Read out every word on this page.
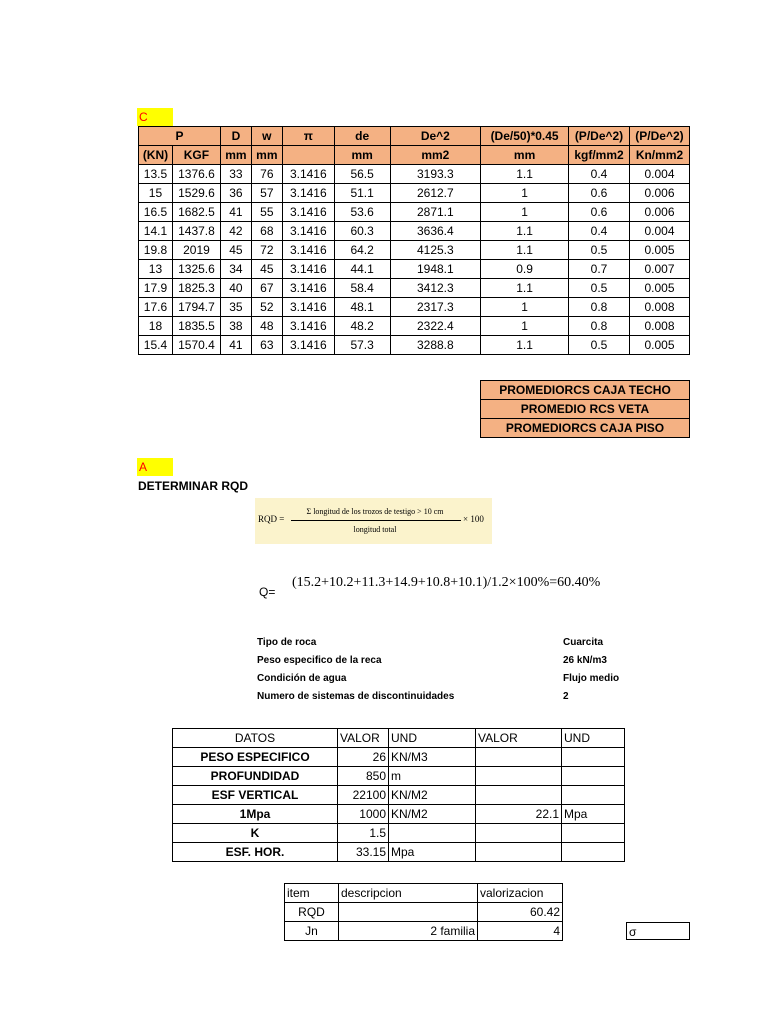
C
P		D	w	π	de	De^2	(De/50)*0.45	(P/De^2)	(P/De^2)
(KN)	KGF	mm	mm		mm	mm2	mm	kgf/mm2	Kn/mm2
13.5	1376.6	33	76	3.1416	56.5	3193.3	1.1	0.4	0.004
15	1529.6	36	57	3.1416	51.1	2612.7	1	0.6	0.006
16.5	1682.5	41	55	3.1416	53.6	2871.1	1	0.6	0.006
14.1	1437.8	42	68	3.1416	60.3	3636.4	1.1	0.4	0.004
19.8	2019	45	72	3.1416	64.2	4125.3	1.1	0.5	0.005
13	1325.6	34	45	3.1416	44.1	1948.1	0.9	0.7	0.007
17.9	1825.3	40	67	3.1416	58.4	3412.3	1.1	0.5	0.005
17.6	1794.7	35	52	3.1416	48.1	2317.3	1	0.8	0.008
18	1835.5	38	48	3.1416	48.2	2322.4	1	0.8	0.008
15.4	1570.4	41	63	3.1416	57.3	3288.8	1.1	0.5	0.005
PROMEDIORCS CAJA TECHO
PROMEDIO RCS VETA
PROMEDIORCS CAJA PISO
A
DETERMINAR RQD
RQD =
Σ longitud de los trozos de testigo > 10 cm
longitud total
× 100
Q=
(15.2+10.2+11.3+14.9+10.8+10.1)/1.2×100%=60.40%
Tipo de roca	Cuarcita
Peso especifico de la reca	26 kN/m3
Condición de agua	Flujo medio
Numero de sistemas de discontinuidades	2
DATOS	VALOR	UND	VALOR	UND
PESO ESPECIFICO	26	KN/M3		
PROFUNDIDAD	850	m		
ESF VERTICAL	22100	KN/M2		
1Mpa	1000	KN/M2	22.1	Mpa
K	1.5			
ESF. HOR.	33.15	Mpa		
item	descripcion	valorizacion
RQD		60.42
Jn	2 familia	4	σ
